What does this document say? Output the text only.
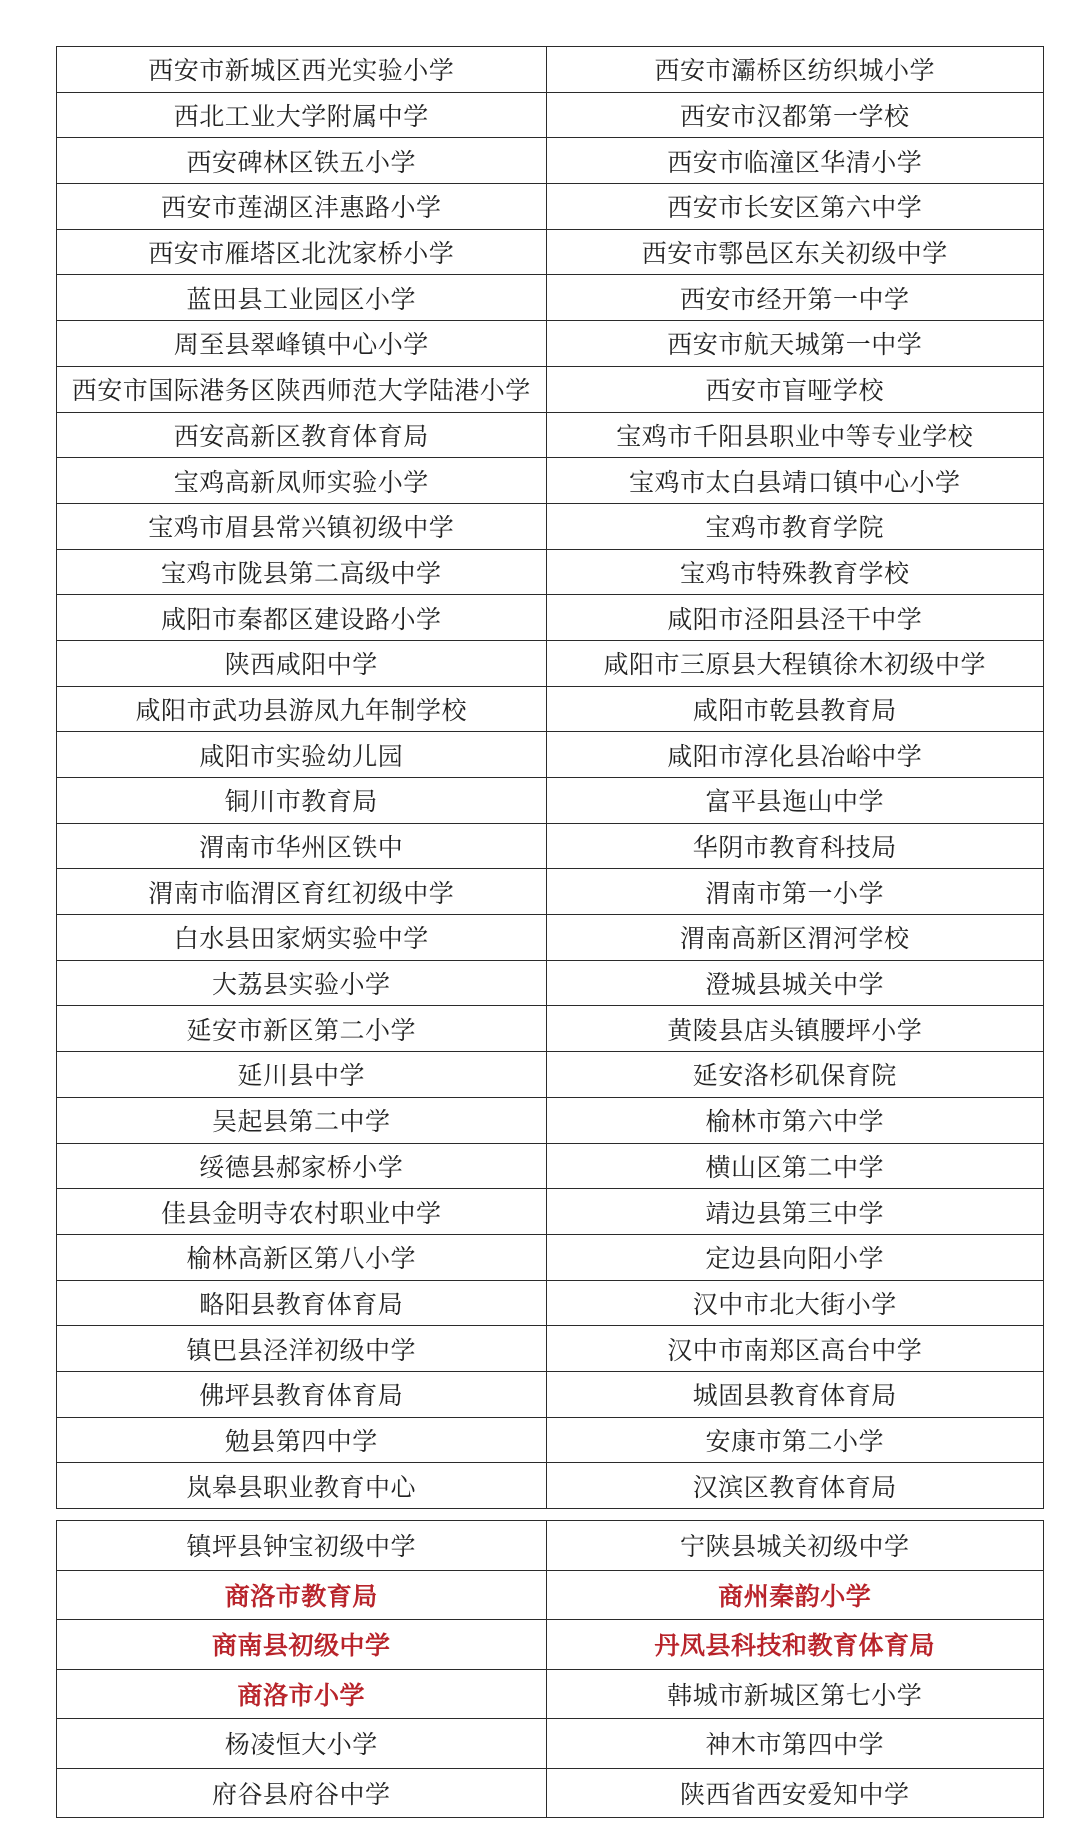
西安市新城区西光实验小学	西安市灞桥区纺织城小学
西北工业大学附属中学	西安市汉都第一学校
西安碑林区铁五小学	西安市临潼区华清小学
西安市莲湖区沣惠路小学	西安市长安区第六中学
西安市雁塔区北沈家桥小学	西安市鄠邑区东关初级中学
蓝田县工业园区小学	西安市经开第一中学
周至县翠峰镇中心小学	西安市航天城第一中学
西安市国际港务区陕西师范大学陆港小学	西安市盲哑学校
西安高新区教育体育局	宝鸡市千阳县职业中等专业学校
宝鸡高新凤师实验小学	宝鸡市太白县靖口镇中心小学
宝鸡市眉县常兴镇初级中学	宝鸡市教育学院
宝鸡市陇县第二高级中学	宝鸡市特殊教育学校
咸阳市秦都区建设路小学	咸阳市泾阳县泾干中学
陕西咸阳中学	咸阳市三原县大程镇徐木初级中学
咸阳市武功县游凤九年制学校	咸阳市乾县教育局
咸阳市实验幼儿园	咸阳市淳化县冶峪中学
铜川市教育局	富平县迤山中学
渭南市华州区铁中	华阴市教育科技局
渭南市临渭区育红初级中学	渭南市第一小学
白水县田家炳实验中学	渭南高新区渭河学校
大荔县实验小学	澄城县城关中学
延安市新区第二小学	黄陵县店头镇腰坪小学
延川县中学	延安洛杉矶保育院
吴起县第二中学	榆林市第六中学
绥德县郝家桥小学	横山区第二中学
佳县金明寺农村职业中学	靖边县第三中学
榆林高新区第八小学	定边县向阳小学
略阳县教育体育局	汉中市北大街小学
镇巴县泾洋初级中学	汉中市南郑区高台中学
佛坪县教育体育局	城固县教育体育局
勉县第四中学	安康市第二小学
岚皋县职业教育中心	汉滨区教育体育局
镇坪县钟宝初级中学	宁陕县城关初级中学
商洛市教育局	商州秦韵小学
商南县初级中学	丹凤县科技和教育体育局
商洛市小学	韩城市新城区第七小学
杨凌恒大小学	神木市第四中学
府谷县府谷中学	陕西省西安爱知中学
